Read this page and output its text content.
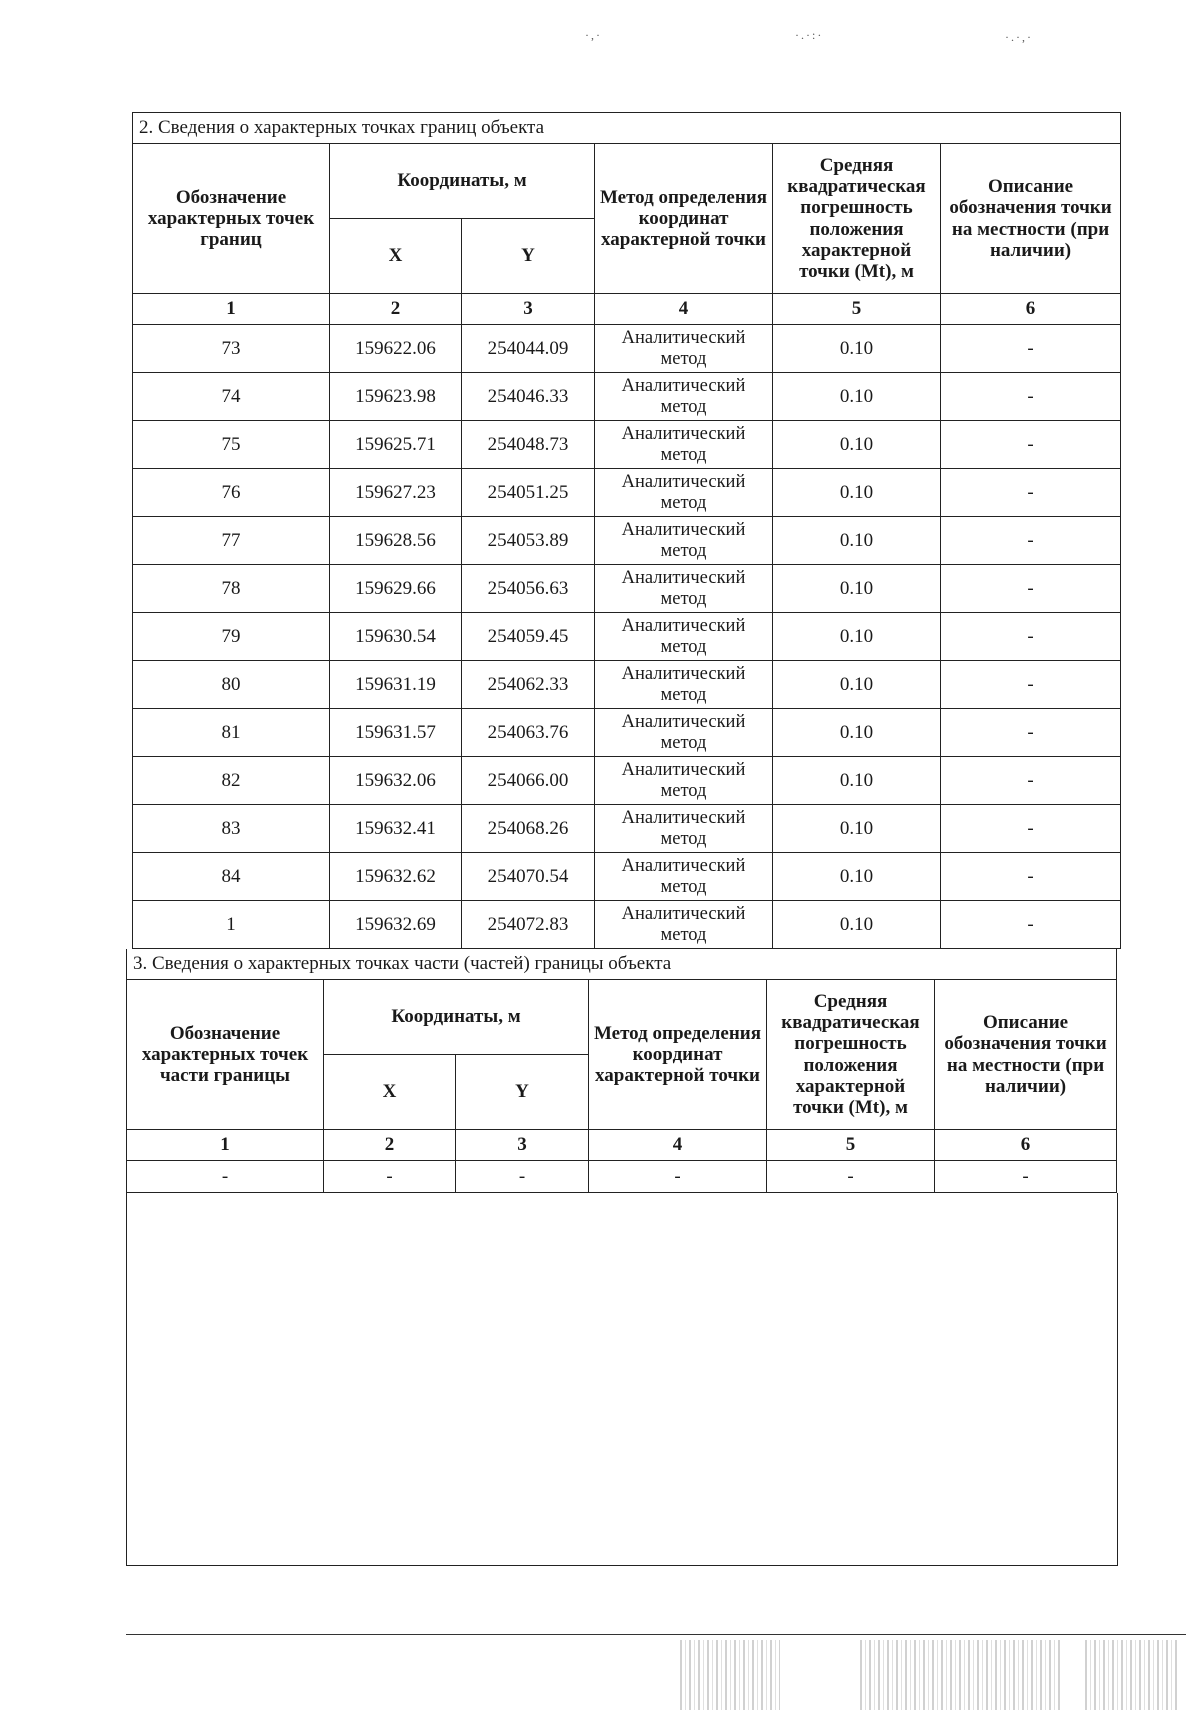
·,·	·.·:·	·.·,·
2. Сведения о характерных точках границ объекта					
Обозначение характерных точек границ	Координаты, м		Метод определения координат характерной точки	Средняя квадратическая погрешность положения характерной точки (Mt), м	Описание обозначения точки на местности (при наличии)
	X	Y			
1	2	3	4	5	6
73	159622.06	254044.09	Аналитический метод	0.10	-
74	159623.98	254046.33	Аналитический метод	0.10	-
75	159625.71	254048.73	Аналитический метод	0.10	-
76	159627.23	254051.25	Аналитический метод	0.10	-
77	159628.56	254053.89	Аналитический метод	0.10	-
78	159629.66	254056.63	Аналитический метод	0.10	-
79	159630.54	254059.45	Аналитический метод	0.10	-
80	159631.19	254062.33	Аналитический метод	0.10	-
81	159631.57	254063.76	Аналитический метод	0.10	-
82	159632.06	254066.00	Аналитический метод	0.10	-
83	159632.41	254068.26	Аналитический метод	0.10	-
84	159632.62	254070.54	Аналитический метод	0.10	-
1	159632.69	254072.83	Аналитический метод	0.10	-
3. Сведения о характерных точках части (частей) границы объекта					
Обозначение характерных точек части границы	Координаты, м		Метод определения координат характерной точки	Средняя квадратическая погрешность положения характерной точки (Mt), м	Описание обозначения точки на местности (при наличии)
	X	Y			
1	2	3	4	5	6
-	-	-	-	-	-
